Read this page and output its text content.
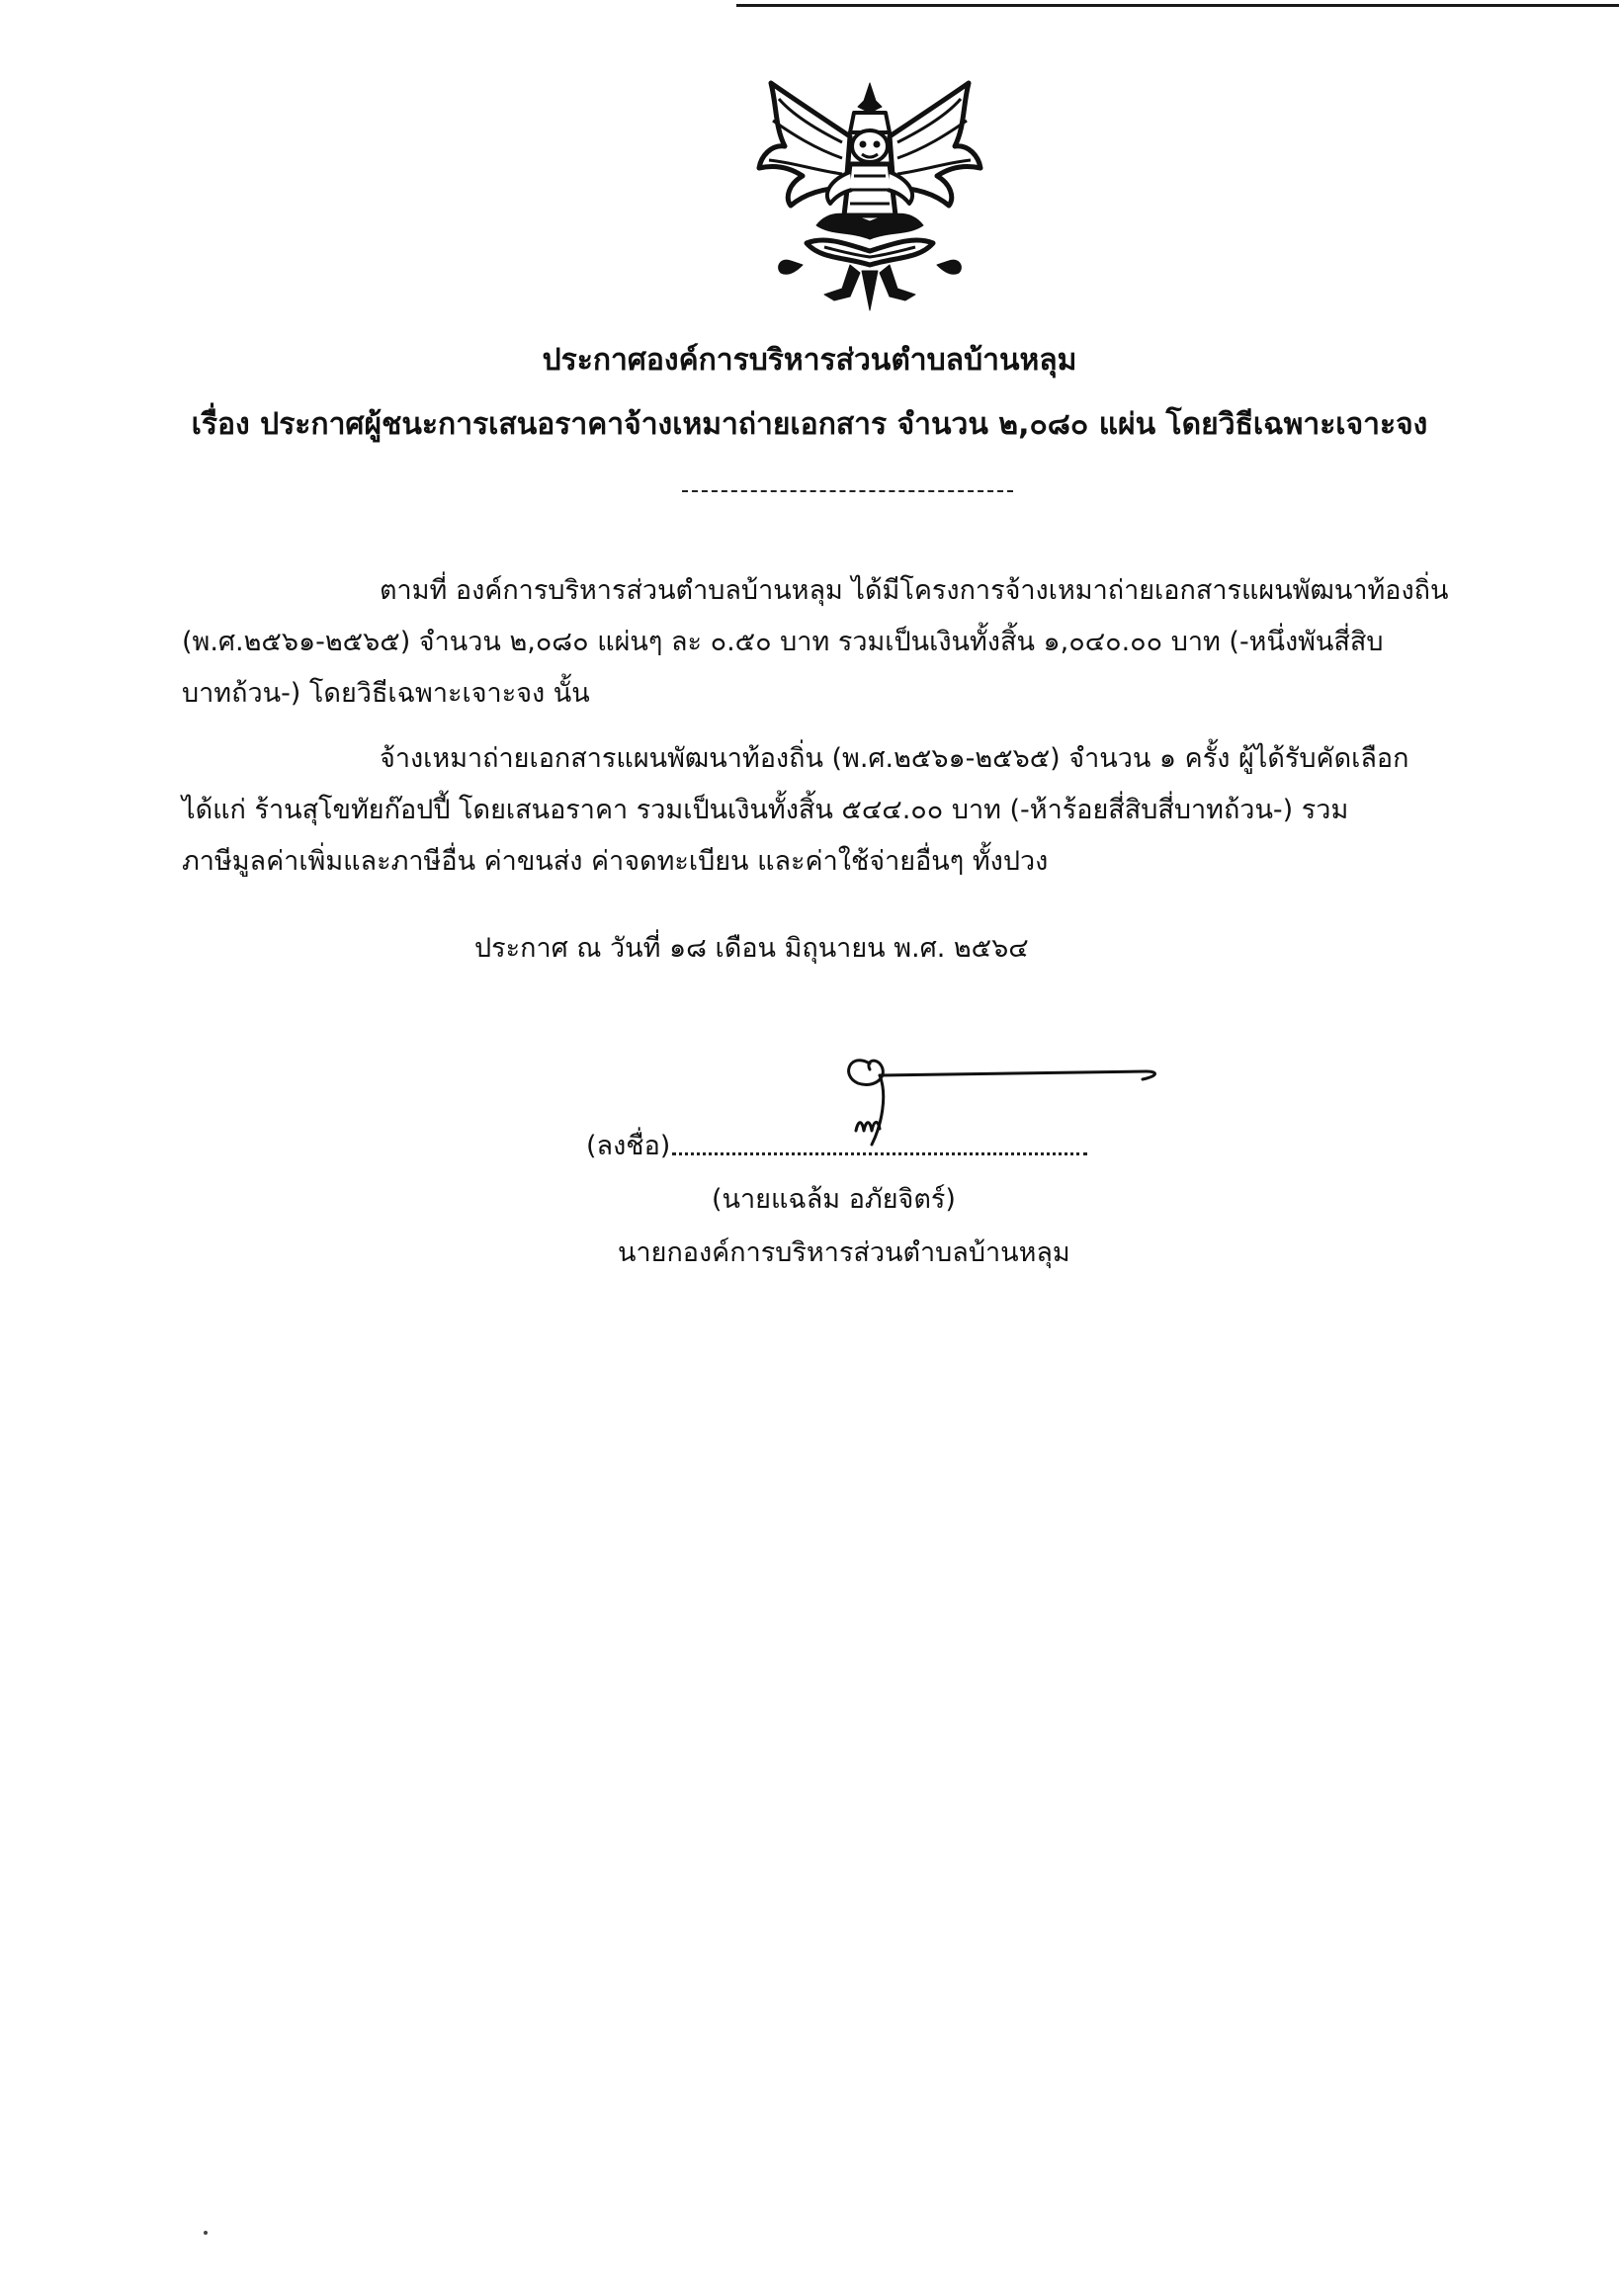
ประกาศองค์การบริหารส่วนตำบลบ้านหลุม
เรื่อง ประกาศผู้ชนะการเสนอราคาจ้างเหมาถ่ายเอกสาร จำนวน ๒,๐๘๐ แผ่น โดยวิธีเฉพาะเจาะจง
ตามที่ องค์การบริหารส่วนตำบลบ้านหลุม ได้มีโครงการจ้างเหมาถ่ายเอกสารแผนพัฒนาท้องถิ่น
(พ.ศ.๒๕๖๑-๒๕๖๕) จำนวน ๒,๐๘๐ แผ่นๆ ละ ๐.๕๐ บาท รวมเป็นเงินทั้งสิ้น ๑,๐๔๐.๐๐ บาท (-หนึ่งพันสี่สิบ
บาทถ้วน-) โดยวิธีเฉพาะเจาะจง นั้น
จ้างเหมาถ่ายเอกสารแผนพัฒนาท้องถิ่น (พ.ศ.๒๕๖๑-๒๕๖๕) จำนวน ๑ ครั้ง ผู้ได้รับคัดเลือก
ได้แก่ ร้านสุโขทัยก๊อปปี้ โดยเสนอราคา รวมเป็นเงินทั้งสิ้น ๕๔๔.๐๐ บาท (-ห้าร้อยสี่สิบสี่บาทถ้วน-) รวม
ภาษีมูลค่าเพิ่มและภาษีอื่น ค่าขนส่ง ค่าจดทะเบียน และค่าใช้จ่ายอื่นๆ ทั้งปวง
ประกาศ ณ วันที่ ๑๘ เดือน มิถุนายน พ.ศ. ๒๕๖๔
(ลงชื่อ)
(นายแฉล้ม อภัยจิตร์)
นายกองค์การบริหารส่วนตำบลบ้านหลุม
